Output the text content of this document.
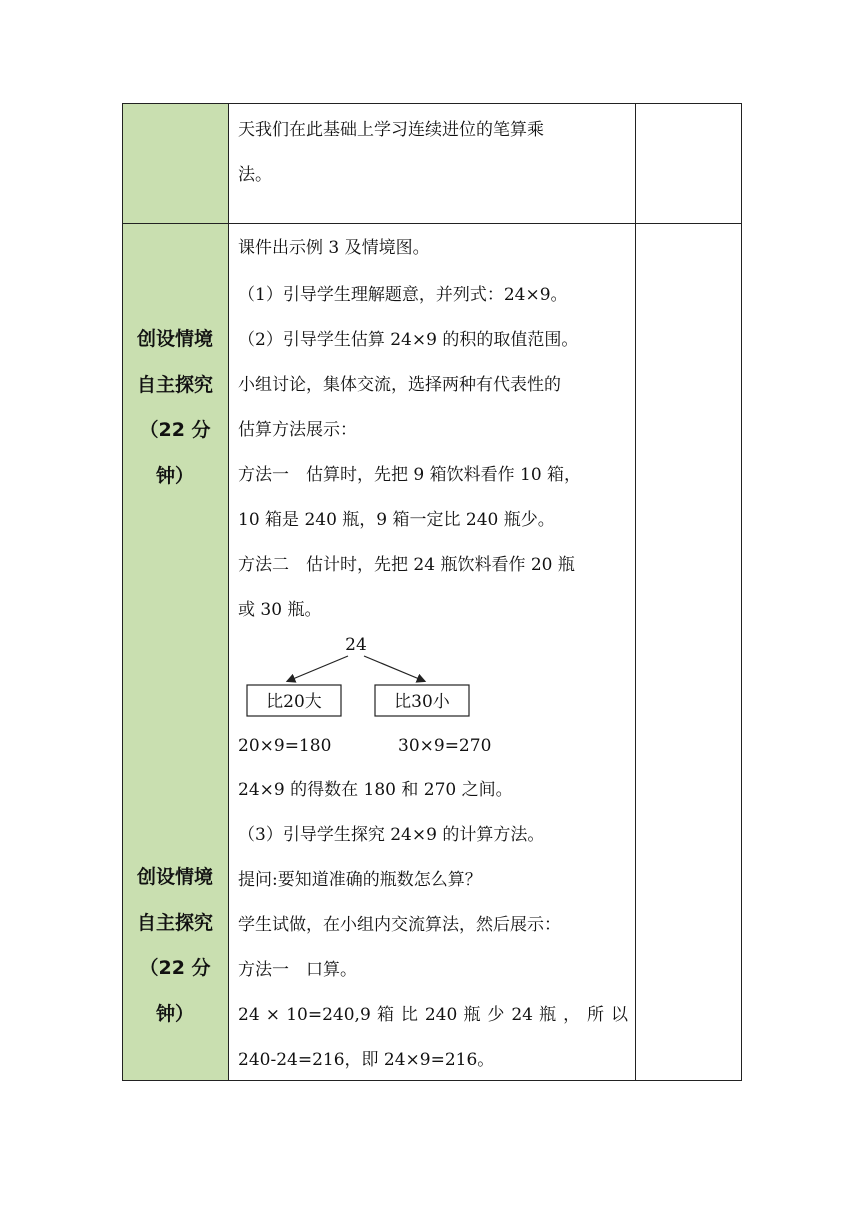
创设情境
自主探究
（22 分
钟）
创设情境
自主探究
（22 分
钟）
天我们在此基础上学习连续进位的笔算乘
法。
课件出示例 3 及情境图。
（1）引导学生理解题意，并列式：24×9。
（2）引导学生估算 24×9 的积的取值范围。
小组讨论，集体交流，选择两种有代表性的
估算方法展示：
方法一　估算时，先把 9 箱饮料看作 10 箱，
10 箱是 240 瓶，9 箱一定比 240 瓶少。
方法二　估计时，先把 24 瓶饮料看作 20 瓶
或 30 瓶。
20×9=180	30×9=270
24×9 的得数在 180 和 270 之间。
（3）引导学生探究 24×9 的计算方法。
提问:要知道准确的瓶数怎么算？
学生试做，在小组内交流算法，然后展示：
方法一　口算。
24 × 10=240,9 箱 比 240 瓶 少 24 瓶 ， 所 以
240-24=216，即 24×9=216。
24
比20大	比30小
